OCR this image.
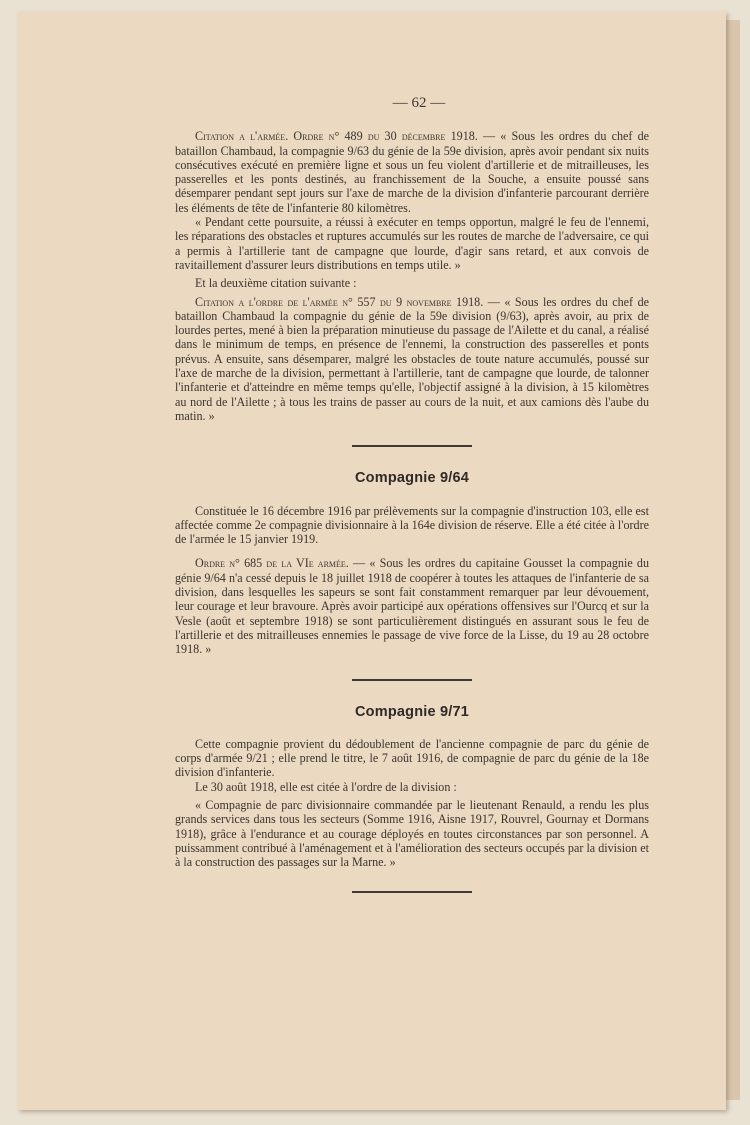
— 62 —

Citation a l'armée. Ordre n° 489 du 30 décembre 1918. — « Sous les ordres du chef de bataillon Chambaud, la compagnie 9/63 du génie de la 59e division, après avoir pendant six nuits consécutives exécuté en première ligne et sous un feu violent d'artillerie et de mitrailleuses, les passerelles et les ponts destinés, au franchissement de la Souche, a ensuite poussé sans désemparer pendant sept jours sur l'axe de marche de la division d'infanterie parcourant derrière les éléments de tête de l'infanterie 80 kilomètres.

« Pendant cette poursuite, a réussi à exécuter en temps opportun, malgré le feu de l'ennemi, les réparations des obstacles et ruptures accumulés sur les routes de marche de l'adversaire, ce qui a permis à l'artillerie tant de campagne que lourde, d'agir sans retard, et aux convois de ravitaillement d'assurer leurs distributions en temps utile. »

Et la deuxième citation suivante :

Citation a l'ordre de l'armée n° 557 du 9 novembre 1918. — « Sous les ordres du chef de bataillon Chambaud la compagnie du génie de la 59e division (9/63), après avoir, au prix de lourdes pertes, mené à bien la préparation minutieuse du passage de l'Ailette et du canal, a réalisé dans le minimum de temps, en présence de l'ennemi, la construction des passerelles et ponts prévus. A ensuite, sans désemparer, malgré les obstacles de toute nature accumulés, poussé sur l'axe de marche de la division, permettant à l'artillerie, tant de campagne que lourde, de talonner l'infanterie et d'atteindre en même temps qu'elle, l'objectif assigné à la division, à 15 kilomètres au nord de l'Ailette ; à tous les trains de passer au cours de la nuit, et aux camions dès l'aube du matin. »

Compagnie 9/64

Constituée le 16 décembre 1916 par prélèvements sur la compagnie d'instruction 103, elle est affectée comme 2e compagnie divisionnaire à la 164e division de réserve. Elle a été citée à l'ordre de l'armée le 15 janvier 1919.

Ordre n° 685 de la VIe armée. — « Sous les ordres du capitaine Gousset la compagnie du génie 9/64 n'a cessé depuis le 18 juillet 1918 de coopérer à toutes les attaques de l'infanterie de sa division, dans lesquelles les sapeurs se sont fait constamment remarquer par leur dévouement, leur courage et leur bravoure. Après avoir participé aux opérations offensives sur l'Ourcq et sur la Vesle (août et septembre 1918) se sont particulièrement distingués en assurant sous le feu de l'artillerie et des mitrailleuses ennemies le passage de vive force de la Lisse, du 19 au 28 octobre 1918. »

Compagnie 9/71

Cette compagnie provient du dédoublement de l'ancienne compagnie de parc du génie de corps d'armée 9/21 ; elle prend le titre, le 7 août 1916, de compagnie de parc du génie de la 18e division d'infanterie.

Le 30 août 1918, elle est citée à l'ordre de la division :

« Compagnie de parc divisionnaire commandée par le lieutenant Renauld, a rendu les plus grands services dans tous les secteurs (Somme 1916, Aisne 1917, Rouvrel, Gournay et Dormans 1918), grâce à l'endurance et au courage déployés en toutes circonstances par son personnel. A puissamment contribué à l'aménagement et à l'amélioration des secteurs occupés par la division et à la construction des passages sur la Marne. »
